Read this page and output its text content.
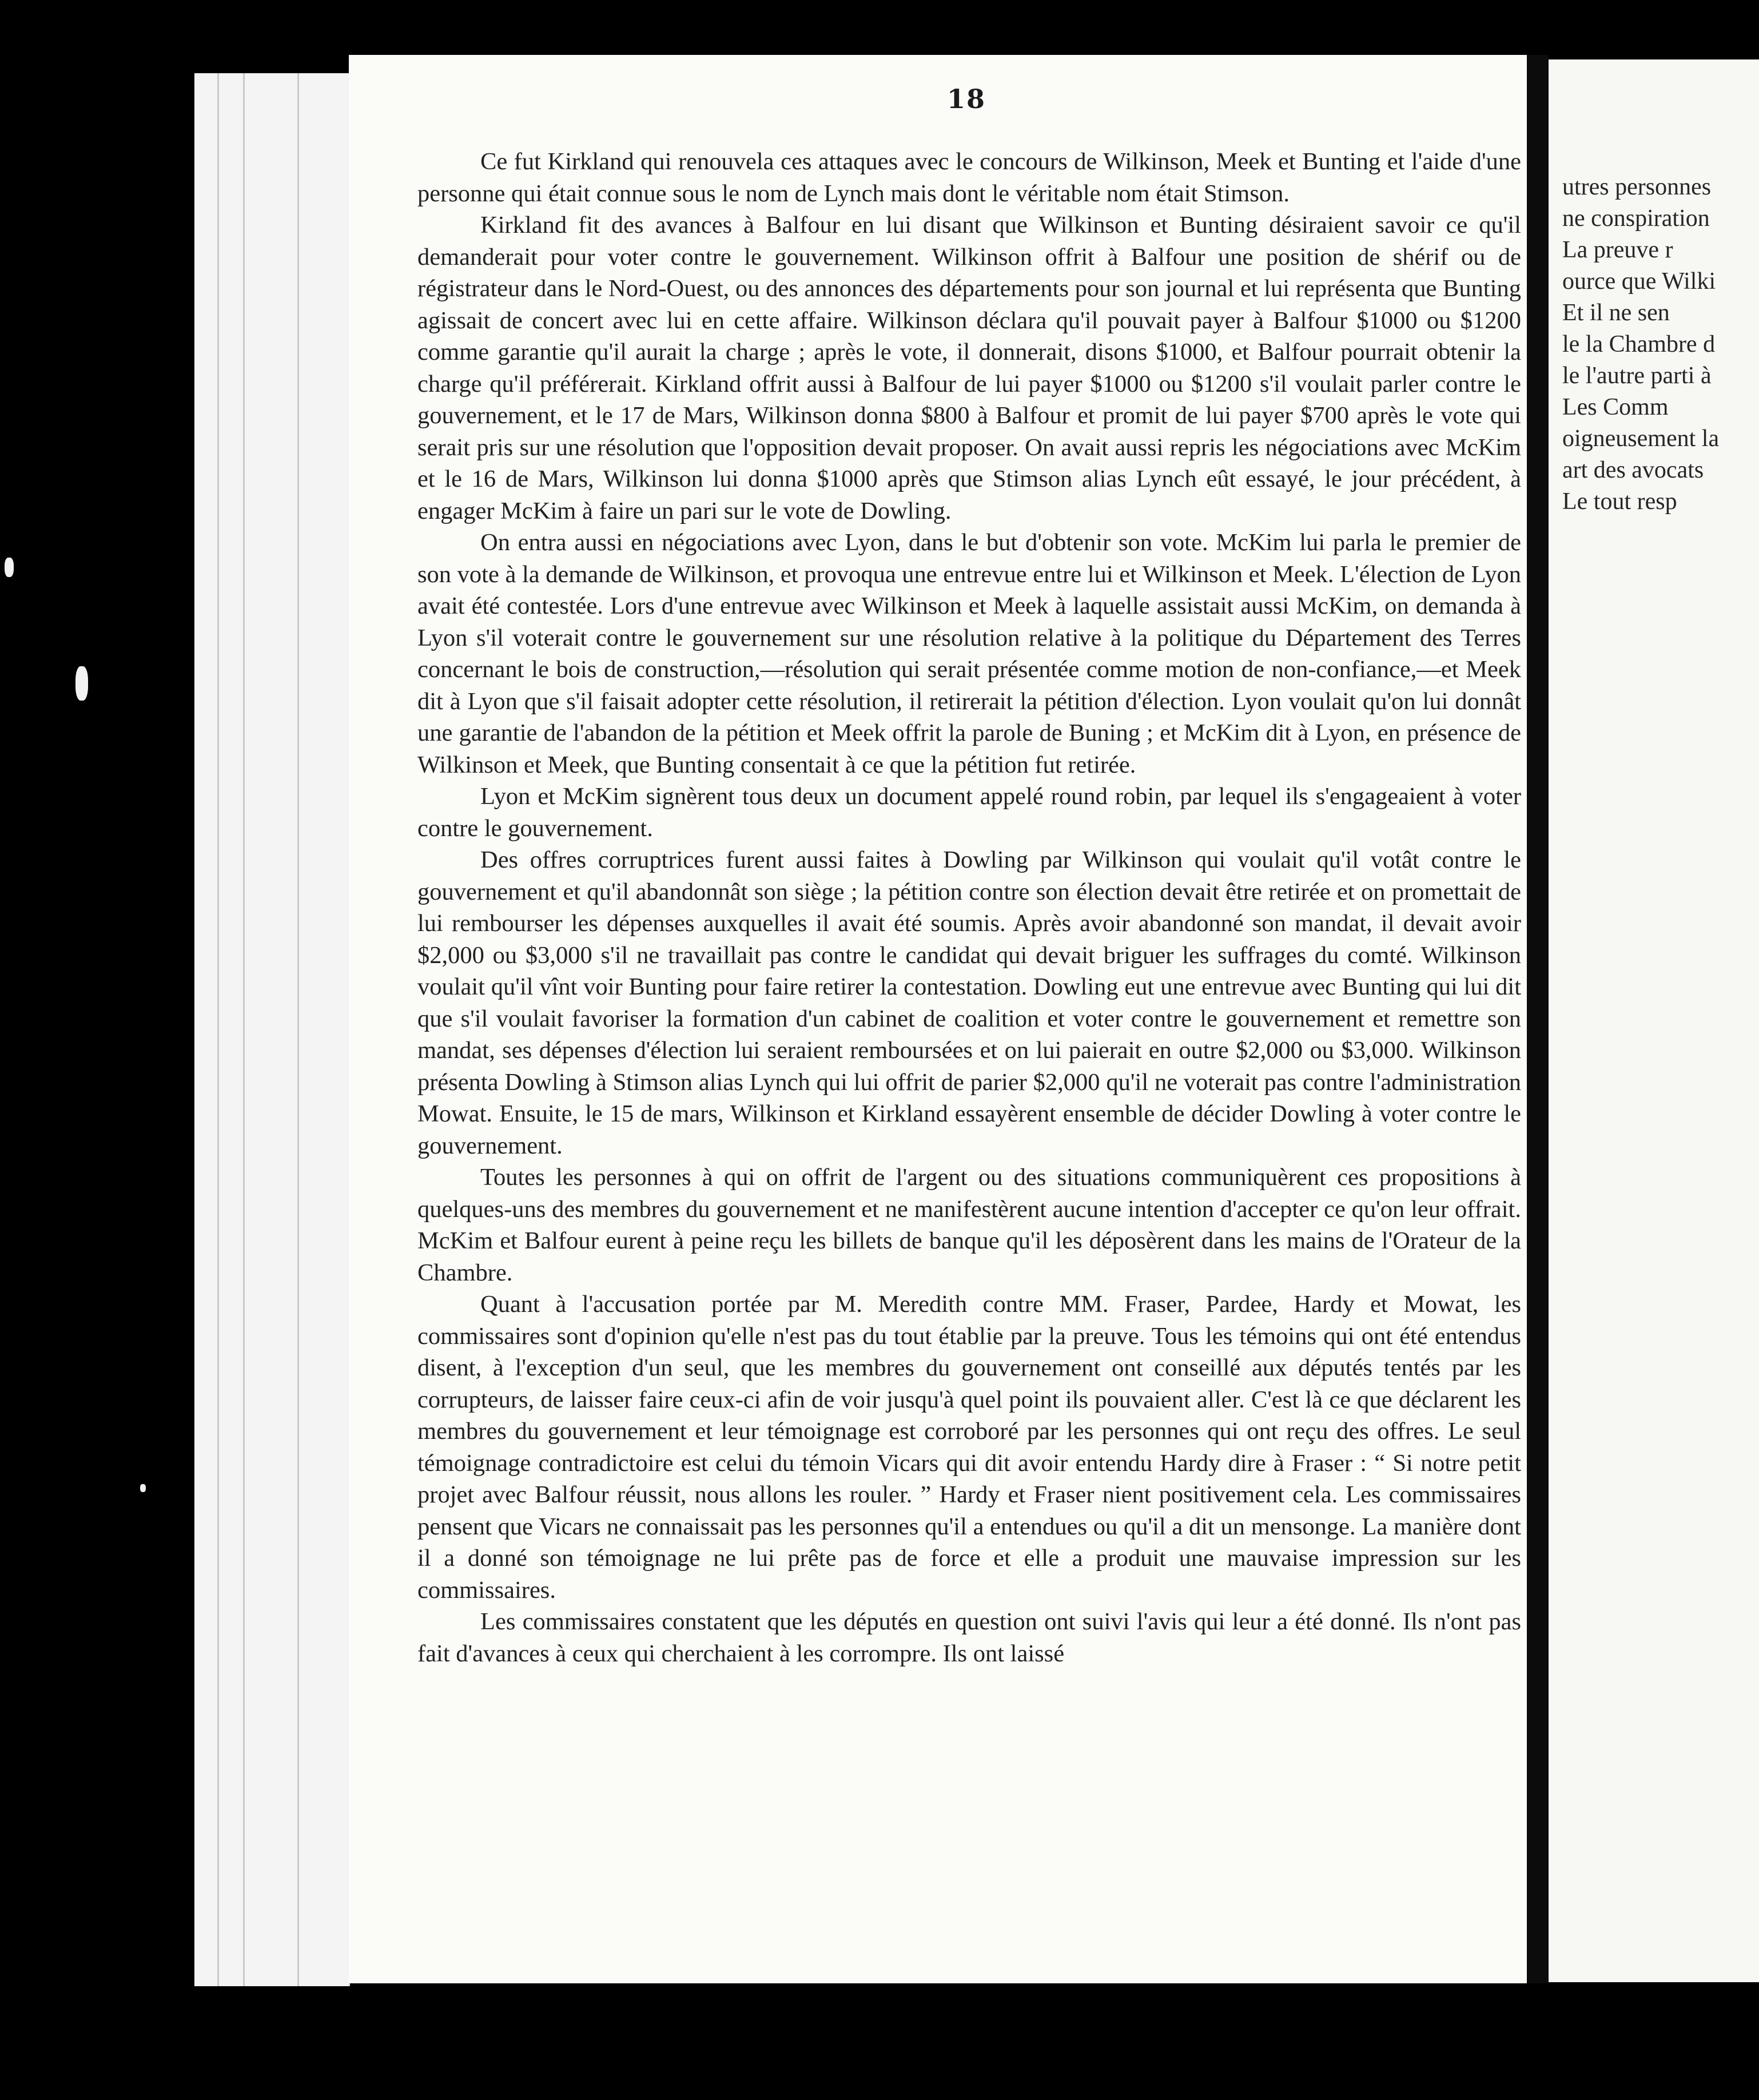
18

Ce fut Kirkland qui renouvela ces attaques avec le concours de Wilkinson, Meek et Bunting et l'aide d'une personne qui était connue sous le nom de Lynch mais dont le véritable nom était Stimson.

Kirkland fit des avances à Balfour en lui disant que Wilkinson et Bunting désiraient savoir ce qu'il demanderait pour voter contre le gouvernement. Wilkinson offrit à Balfour une position de shérif ou de régistrateur dans le Nord-Ouest, ou des annonces des départements pour son journal et lui représenta que Bunting agissait de concert avec lui en cette affaire. Wilkinson déclara qu'il pouvait payer à Balfour $1000 ou $1200 comme garantie qu'il aurait la charge ; après le vote, il donnerait, disons $1000, et Balfour pourrait obtenir la charge qu'il préférerait. Kirkland offrit aussi à Balfour de lui payer $1000 ou $1200 s'il voulait parler contre le gouvernement, et le 17 de Mars, Wilkinson donna $800 à Balfour et promit de lui payer $700 après le vote qui serait pris sur une résolution que l'opposition devait proposer. On avait aussi repris les négociations avec McKim et le 16 de Mars, Wilkinson lui donna $1000 après que Stimson alias Lynch eût essayé, le jour précédent, à engager McKim à faire un pari sur le vote de Dowling.

On entra aussi en négociations avec Lyon, dans le but d'obtenir son vote. McKim lui parla le premier de son vote à la demande de Wilkinson, et provoqua une entrevue entre lui et Wilkinson et Meek. L'élection de Lyon avait été contestée. Lors d'une entrevue avec Wilkinson et Meek à laquelle assistait aussi McKim, on demanda à Lyon s'il voterait contre le gouvernement sur une résolution relative à la politique du Département des Terres concernant le bois de construction,—résolution qui serait présentée comme motion de non-confiance,—et Meek dit à Lyon que s'il faisait adopter cette résolution, il retirerait la pétition d'élection. Lyon voulait qu'on lui donnât une garantie de l'abandon de la pétition et Meek offrit la parole de Buning ; et McKim dit à Lyon, en présence de Wilkinson et Meek, que Bunting consentait à ce que la pétition fut retirée.

Lyon et McKim signèrent tous deux un document appelé round robin, par lequel ils s'engageaient à voter contre le gouvernement.

Des offres corruptrices furent aussi faites à Dowling par Wilkinson qui voulait qu'il votât contre le gouvernement et qu'il abandonnât son siège ; la pétition contre son élection devait être retirée et on promettait de lui rembourser les dépenses auxquelles il avait été soumis. Après avoir abandonné son mandat, il devait avoir $2,000 ou $3,000 s'il ne travaillait pas contre le candidat qui devait briguer les suffrages du comté. Wilkinson voulait qu'il vînt voir Bunting pour faire retirer la contestation. Dowling eut une entrevue avec Bunting qui lui dit que s'il voulait favoriser la formation d'un cabinet de coalition et voter contre le gouvernement et remettre son mandat, ses dépenses d'élection lui seraient remboursées et on lui paierait en outre $2,000 ou $3,000. Wilkinson présenta Dowling à Stimson alias Lynch qui lui offrit de parier $2,000 qu'il ne voterait pas contre l'administration Mowat. Ensuite, le 15 de mars, Wilkinson et Kirkland essayèrent ensemble de décider Dowling à voter contre le gouvernement.

Toutes les personnes à qui on offrit de l'argent ou des situations communiquèrent ces propositions à quelques-uns des membres du gouvernement et ne manifestèrent aucune intention d'accepter ce qu'on leur offrait. McKim et Balfour eurent à peine reçu les billets de banque qu'il les déposèrent dans les mains de l'Orateur de la Chambre.

Quant à l'accusation portée par M. Meredith contre MM. Fraser, Pardee, Hardy et Mowat, les commissaires sont d'opinion qu'elle n'est pas du tout établie par la preuve. Tous les témoins qui ont été entendus disent, à l'exception d'un seul, que les membres du gouvernement ont conseillé aux députés tentés par les corrupteurs, de laisser faire ceux-ci afin de voir jusqu'à quel point ils pouvaient aller. C'est là ce que déclarent les membres du gouvernement et leur témoignage est corroboré par les personnes qui ont reçu des offres. Le seul témoignage contradictoire est celui du témoin Vicars qui dit avoir entendu Hardy dire à Fraser : “ Si notre petit projet avec Balfour réussit, nous allons les rouler. ” Hardy et Fraser nient positivement cela. Les commissaires pensent que Vicars ne connaissait pas les personnes qu'il a entendues ou qu'il a dit un mensonge. La manière dont il a donné son témoignage ne lui prête pas de force et elle a produit une mauvaise impression sur les commissaires.

Les commissaires constatent que les députés en question ont suivi l'avis qui leur a été donné. Ils n'ont pas fait d'avances à ceux qui cherchaient à les corrompre. Ils ont laissé

utres personnes
ne conspiration
La preuve r
ource que Wilki
Et il ne sen
le la Chambre d
le l'autre parti à
Les Comm
oigneusement la
art des avocats
Le tout resp
